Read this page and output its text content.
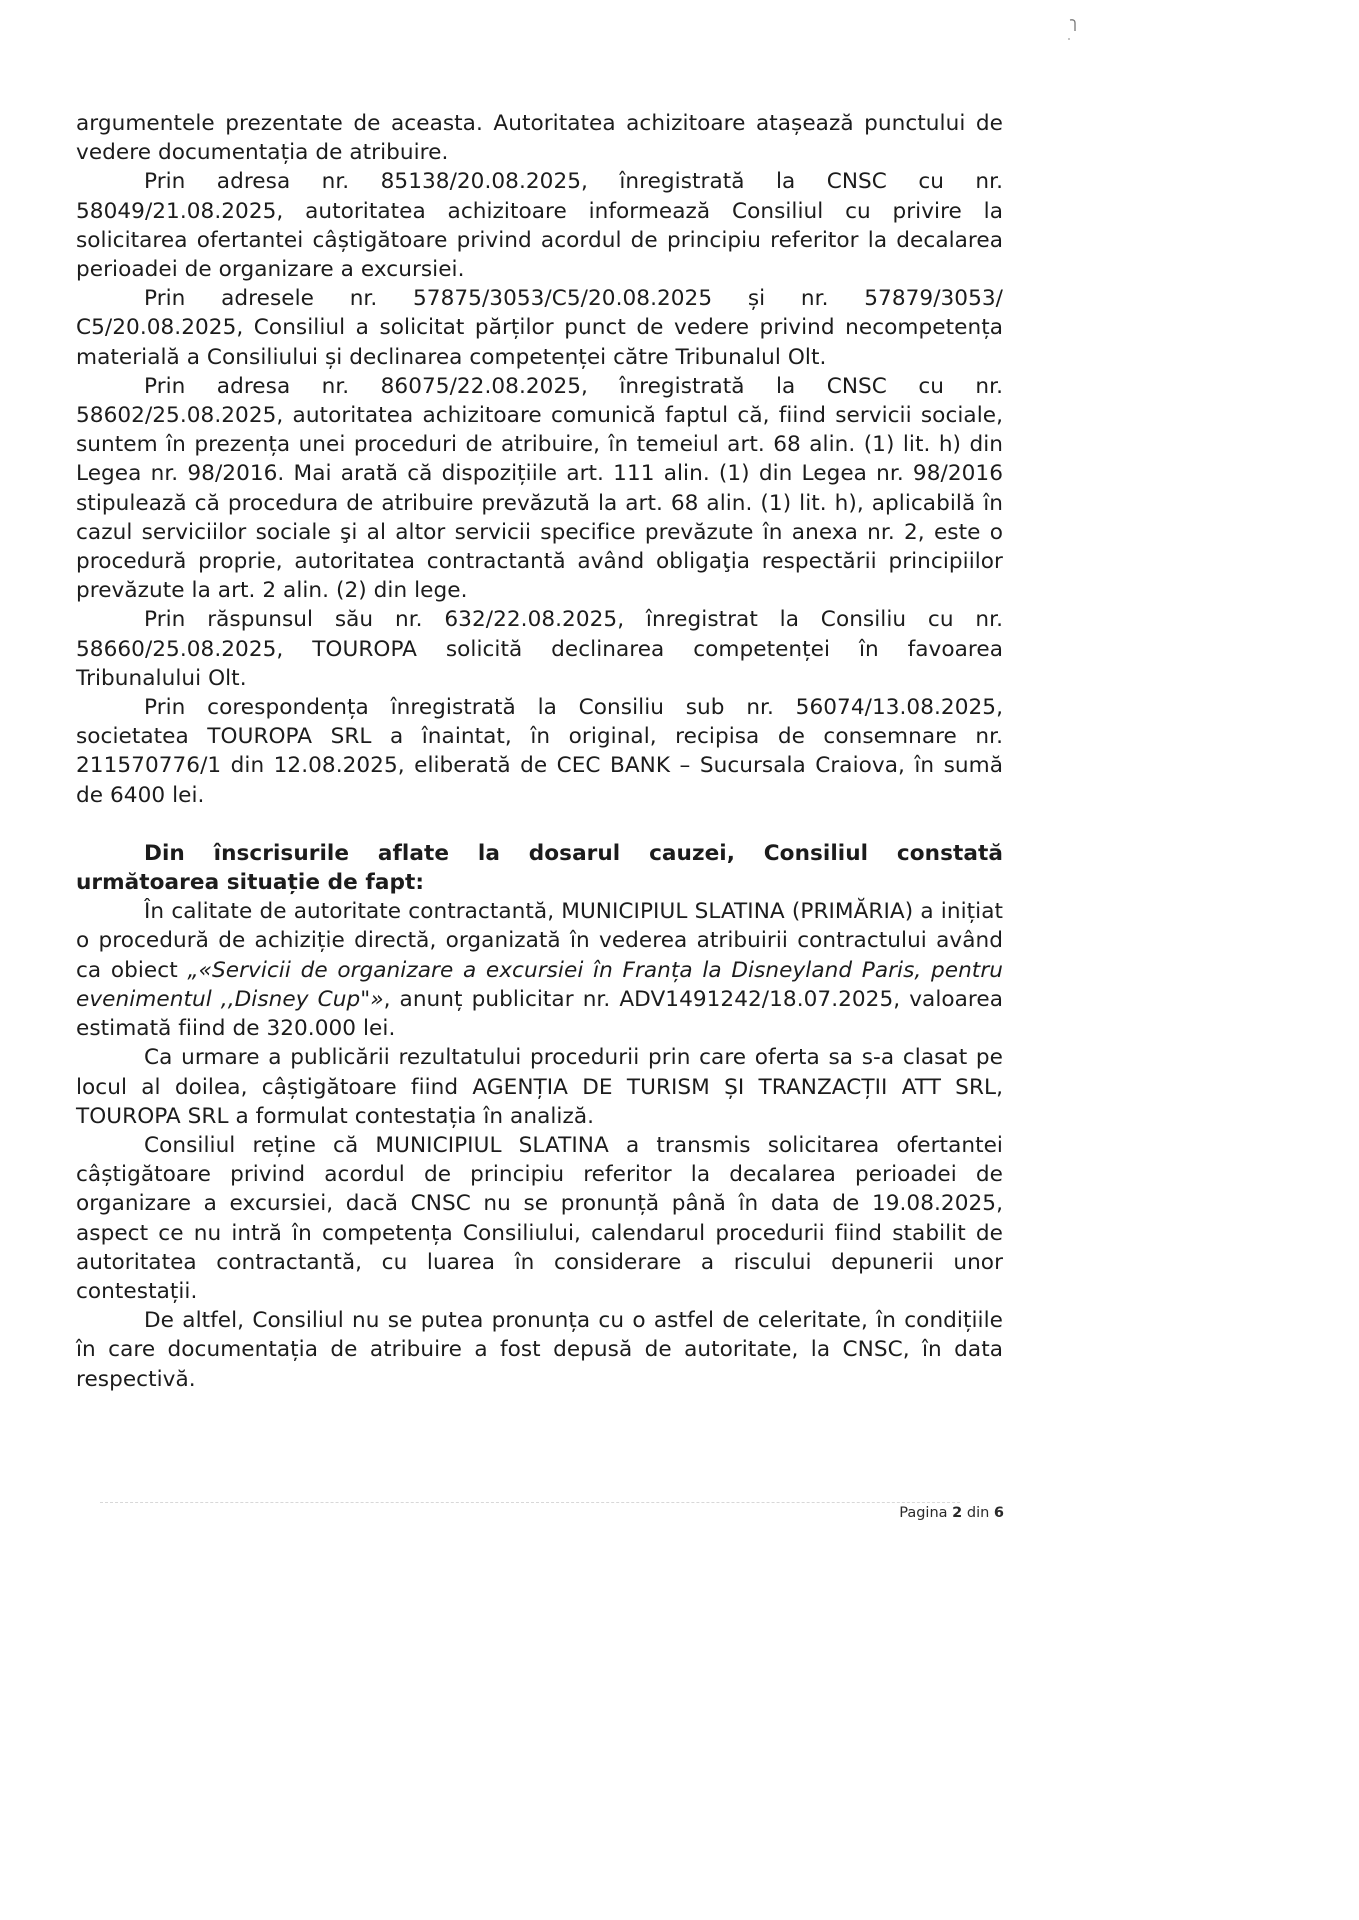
argumentele prezentate de aceasta. Autoritatea achizitoare atașează punctului de vedere documentația de atribuire.

Prin adresa nr. 85138/20.08.2025, înregistrată la CNSC cu nr. 58049/21.08.2025, autoritatea achizitoare informează Consiliul cu privire la solicitarea ofertantei câștigătoare privind acordul de principiu referitor la decalarea perioadei de organizare a excursiei.

Prin adresele nr. 57875/3053/C5/20.08.2025 și nr. 57879/3053/ C5/20.08.2025, Consiliul a solicitat părților punct de vedere privind necompetența materială a Consiliului și declinarea competenței către Tribunalul Olt.

Prin adresa nr. 86075/22.08.2025, înregistrată la CNSC cu nr. 58602/25.08.2025, autoritatea achizitoare comunică faptul că, fiind servicii sociale, suntem în prezența unei proceduri de atribuire, în temeiul art. 68 alin. (1) lit. h) din Legea nr. 98/2016. Mai arată că dispozițiile art. 111 alin. (1) din Legea nr. 98/2016 stipulează că procedura de atribuire prevăzută la art. 68 alin. (1) lit. h), aplicabilă în cazul serviciilor sociale şi al altor servicii specifice prevăzute în anexa nr. 2, este o procedură proprie, autoritatea contractantă având obligaţia respectării principiilor prevăzute la art. 2 alin. (2) din lege.

Prin răspunsul său nr. 632/22.08.2025, înregistrat la Consiliu cu nr. 58660/25.08.2025, TOUROPA solicită declinarea competenței în favoarea Tribunalului Olt.

Prin corespondența înregistrată la Consiliu sub nr. 56074/13.08.2025, societatea TOUROPA SRL a înaintat, în original, recipisa de consemnare nr. 211570776/1 din 12.08.2025, eliberată de CEC BANK – Sucursala Craiova, în sumă de 6400 lei.

Din înscrisurile aflate la dosarul cauzei, Consiliul constată următoarea situație de fapt:

În calitate de autoritate contractantă, MUNICIPIUL SLATINA (PRIMĂRIA) a inițiat o procedură de achiziție directă, organizată în vederea atribuirii contractului având ca obiect „«Servicii de organizare a excursiei în Franța la Disneyland Paris, pentru evenimentul ,,Disney Cup"», anunț publicitar nr. ADV1491242/18.07.2025, valoarea estimată fiind de 320.000 lei.

Ca urmare a publicării rezultatului procedurii prin care oferta sa s-a clasat pe locul al doilea, câștigătoare fiind AGENȚIA DE TURISM ȘI TRANZACȚII ATT SRL, TOUROPA SRL a formulat contestația în analiză.

Consiliul reține că MUNICIPIUL SLATINA a transmis solicitarea ofertantei câștigătoare privind acordul de principiu referitor la decalarea perioadei de organizare a excursiei, dacă CNSC nu se pronunță până în data de 19.08.2025, aspect ce nu intră în competența Consiliului, calendarul procedurii fiind stabilit de autoritatea contractantă, cu luarea în considerare a riscului depunerii unor contestații.

De altfel, Consiliul nu se putea pronunța cu o astfel de celeritate, în condițiile în care documentația de atribuire a fost depusă de autoritate, la CNSC, în data respectivă.

Pagina 2 din 6
